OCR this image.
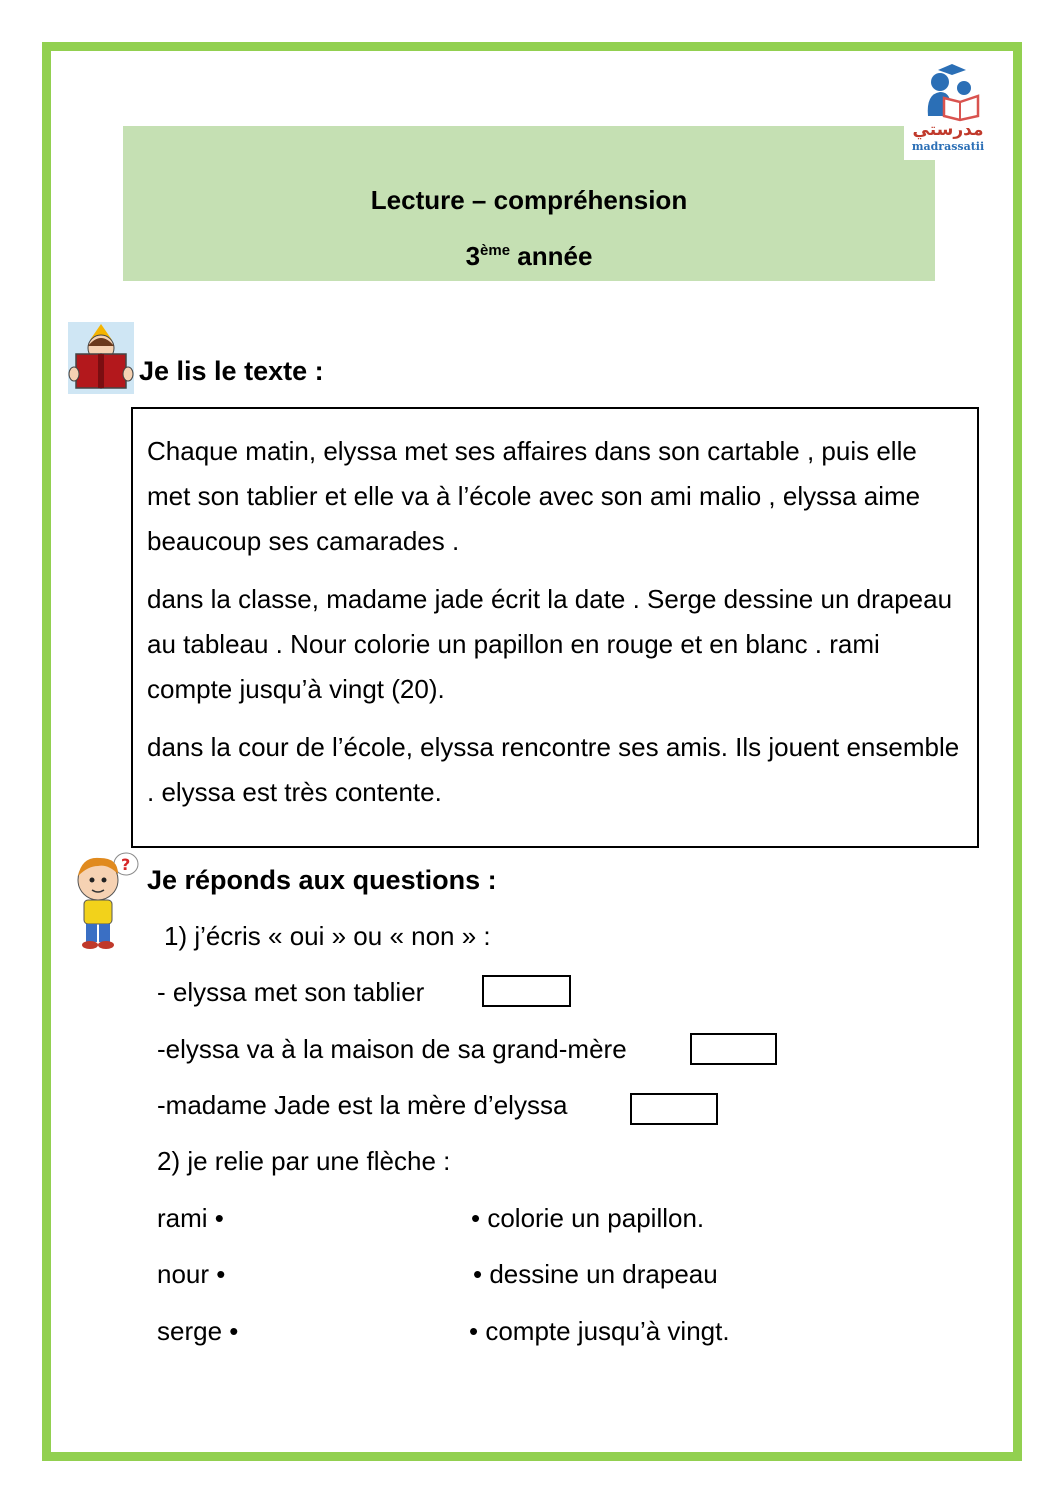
Lecture – compréhension
3ème année
مدرستي
madrassatii
Je lis le texte :

Chaque matin, elyssa met ses affaires dans son cartable , puis elle met son tablier et elle va à l’école avec son ami malio , elyssa aime beaucoup ses camarades .

dans la classe, madame jade écrit la date . Serge dessine un drapeau au tableau . Nour colorie un papillon en rouge et en blanc . rami compte jusqu’à vingt (20).

dans la cour de l’école, elyssa rencontre ses amis. Ils jouent ensemble . elyssa est très contente.

?
Je réponds aux questions :
1) j’écris « oui » ou « non » :
- elyssa met son tablier
-elyssa va à la maison de sa grand-mère
-madame Jade est la mère d’elyssa
2) je relie par une flèche :
rami •	• colorie un papillon.
nour •	• dessine un drapeau
serge •	• compte jusqu’à vingt.
